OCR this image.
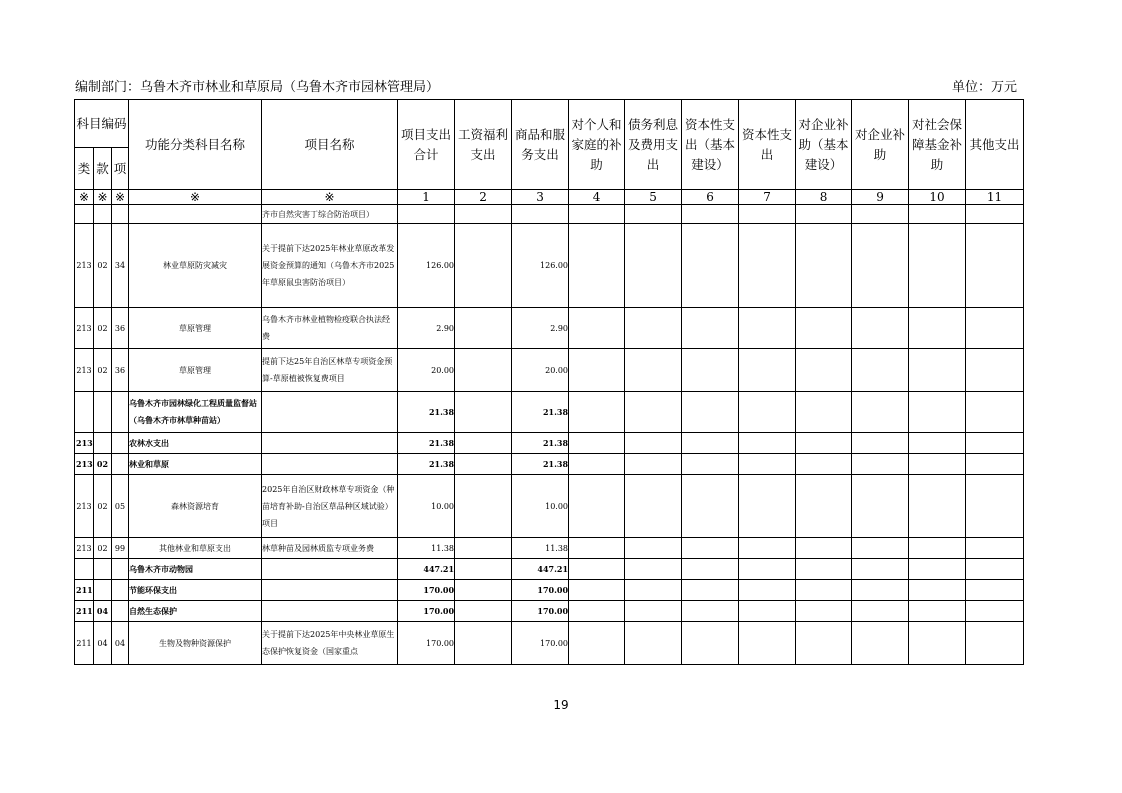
编制部门：乌鲁木齐市林业和草原局（乌鲁木齐市园林管理局）	单位：万元
科目编码			功能分类科目名称	项目名称	项目支出合计	工资福利支出	商品和服务支出	对个人和家庭的补助	债务利息及费用支出	资本性支出（基本建设）	资本性支出	对企业补助（基本建设）	对企业补助	对社会保障基金补助	其他支出
类	款	项													
※	※	※	※	※	1	2	3	4	5	6	7	8	9	10	11
				齐市自然灾害丁综合防治项目）											
213	02	34	林业草原防灾减灾	关于提前下达2025年林业草原改革发展资金预算的通知（乌鲁木齐市2025年草原鼠虫害防治项目）	126.00		126.00								
213	02	36	草原管理	乌鲁木齐市林业植物检疫联合执法经费	2.90		2.90								
213	02	36	草原管理	提前下达25年自治区林草专项资金预算-草原植被恢复费项目	20.00		20.00								
			乌鲁木齐市园林绿化工程质量监督站（乌鲁木齐市林草种苗站）		21.38		21.38								
213			农林水支出		21.38		21.38								
213	02		林业和草原		21.38		21.38								
213	02	05	森林资源培育	2025年自治区财政林草专项资金（种苗培育补助-自治区草品种区域试验）项目	10.00		10.00								
213	02	99	其他林业和草原支出	林草种苗及园林质监专项业务费	11.38		11.38								
			乌鲁木齐市动物园		447.21		447.21								
211			节能环保支出		170.00		170.00								
211	04		自然生态保护		170.00		170.00								
211	04	04	生物及物种资源保护	关于提前下达2025年中央林业草原生态保护恢复资金（国家重点	170.00		170.00								
19
